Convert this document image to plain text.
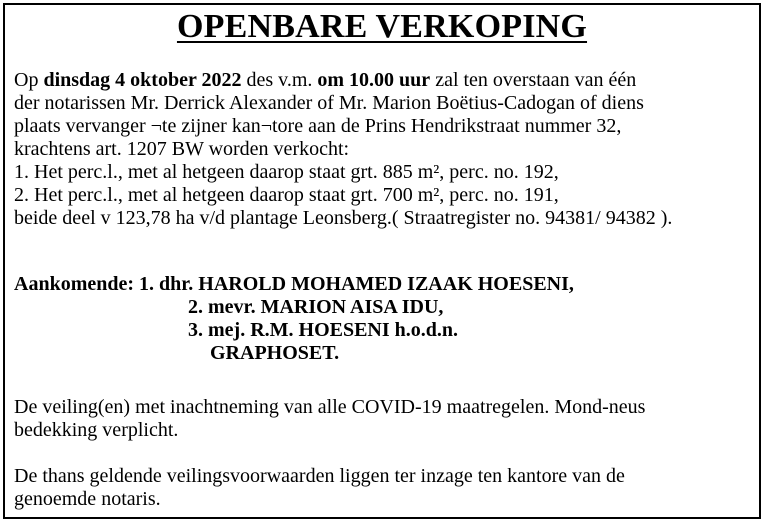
OPENBARE VERKOPING
Op dinsdag 4 oktober 2022 des v.m. om 10.00 uur zal ten overstaan van één
der notarissen Mr. Derrick Alexander of Mr. Marion Boëtius-Cadogan of diens
plaats vervanger ¬te zijner kan¬tore aan de Prins Hendrikstraat nummer 32,
krachtens art. 1207 BW worden verkocht:
1. Het perc.l., met al hetgeen daarop staat grt. 885 m², perc. no. 192,
2. Het perc.l., met al hetgeen daarop staat grt. 700 m², perc. no. 191,
beide deel v 123,78 ha v/d plantage Leonsberg.( Straatregister no. 94381/ 94382 ).
Aankomende: 1. dhr. HAROLD MOHAMED IZAAK HOESENI,
2. mevr. MARION AISA IDU,
3. mej. R.M. HOESENI h.o.d.n.
GRAPHOSET.
De veiling(en) met inachtneming van alle COVID-19 maatregelen. Mond-neus
bedekking verplicht.
De thans geldende veilingsvoorwaarden liggen ter inzage ten kantore van de
genoemde notaris.
